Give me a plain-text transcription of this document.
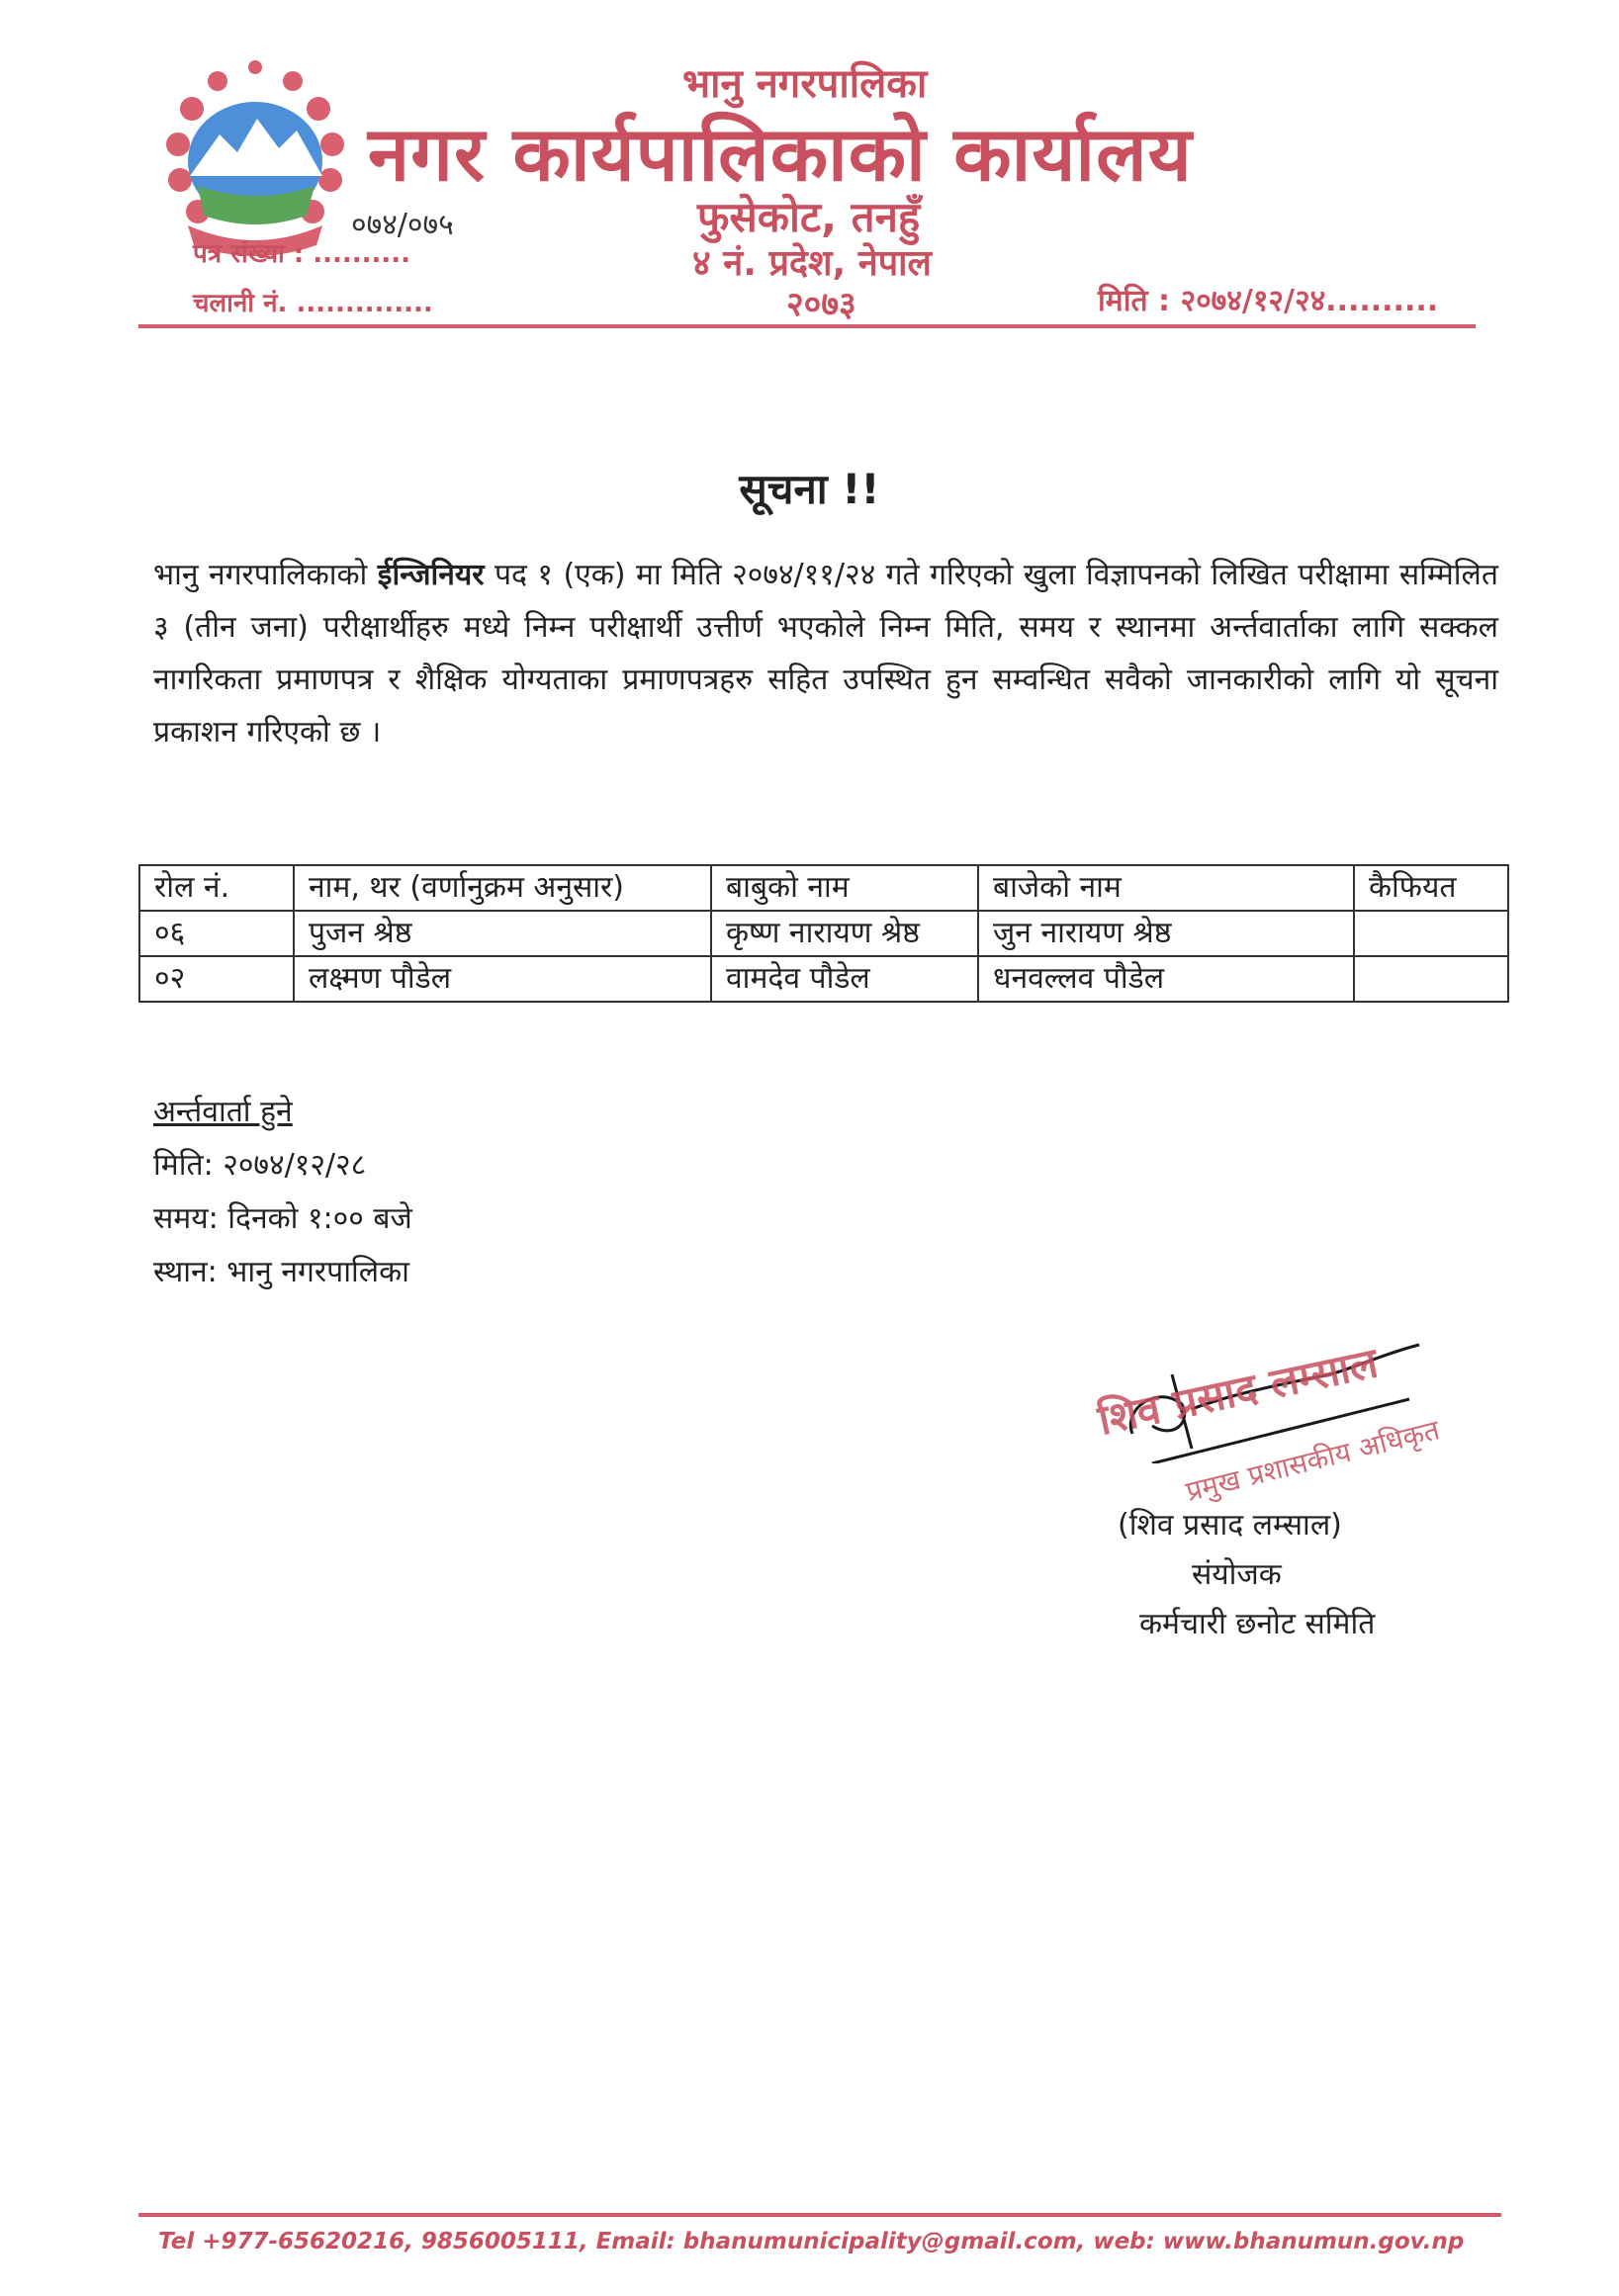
भानु नगरपालिका
नगर कार्यपालिकाको कार्यालय
फुसेकोट, तनहुँ
४ नं. प्रदेश, नेपाल
२०७३
०७४/०७५
पत्र संख्या : ..........
चलानी नं. ..............	मिति : २०७४/१२/२४..........
सूचना !!
भानु नगरपालिकाको ईन्जिनियर पद १ (एक) मा मिति २०७४/११/२४ गते गरिएको खुला विज्ञापनको लिखित परीक्षामा सम्मिलित ३ (तीन जना) परीक्षार्थीहरु मध्ये निम्न परीक्षार्थी उत्तीर्ण भएकोले निम्न मिति, समय र स्थानमा अर्न्तवार्ताका लागि सक्कल नागरिकता प्रमाणपत्र र शैक्षिक योग्यताका प्रमाणपत्रहरु सहित उपस्थित हुन सम्वन्धित सवैको जानकारीको लागि यो सूचना प्रकाशन गरिएको छ ।
रोल नं.	नाम, थर (वर्णानुक्रम अनुसार)	बाबुको नाम	बाजेको नाम	कैफियत
०६	पुजन श्रेष्ठ	कृष्ण नारायण श्रेष्ठ	जुन नारायण श्रेष्ठ	
०२	लक्ष्मण पौडेल	वामदेव पौडेल	धनवल्लव पौडेल	
अर्न्तवार्ता हुने
मिति: २०७४/१२/२८
समय: दिनको १:०० बजे
स्थान: भानु नगरपालिका
शिव प्रसाद लम्साल
प्रमुख प्रशासकीय अधिकृत
(शिव प्रसाद लम्साल)
संयोजक
कर्मचारी छनोट समिति
Tel +977-65620216, 9856005111, Email: bhanumunicipality@gmail.com, web: www.bhanumun.gov.np
